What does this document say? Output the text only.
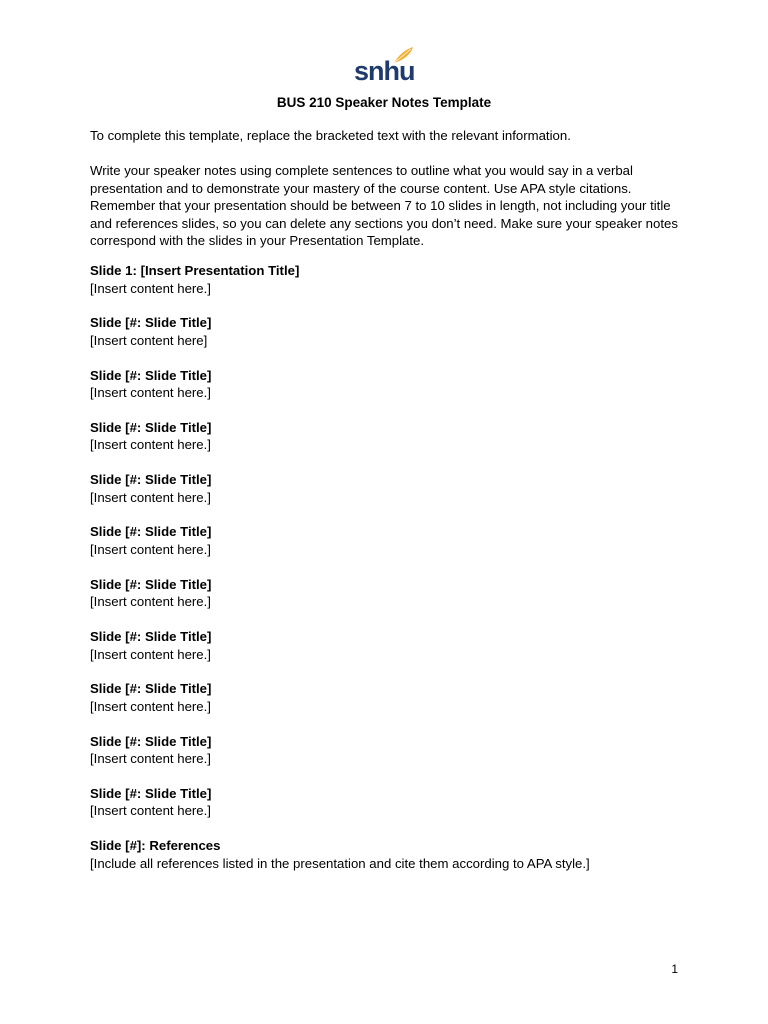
snhu
BUS 210 Speaker Notes Template
To complete this template, replace the bracketed text with the relevant information.
Write your speaker notes using complete sentences to outline what you would say in a verbal presentation and to demonstrate your mastery of the course content. Use APA style citations. Remember that your presentation should be between 7 to 10 slides in length, not including your title and references slides, so you can delete any sections you don’t need. Make sure your speaker notes correspond with the slides in your Presentation Template.
Slide 1: [Insert Presentation Title]
[Insert content here.]
Slide [#: Slide Title]
[Insert content here]
Slide [#: Slide Title]
[Insert content here.]
Slide [#: Slide Title]
[Insert content here.]
Slide [#: Slide Title]
[Insert content here.]
Slide [#: Slide Title]
[Insert content here.]
Slide [#: Slide Title]
[Insert content here.]
Slide [#: Slide Title]
[Insert content here.]
Slide [#: Slide Title]
[Insert content here.]
Slide [#: Slide Title]
[Insert content here.]
Slide [#: Slide Title]
[Insert content here.]
Slide [#]: References
[Include all references listed in the presentation and cite them according to APA style.]
1
